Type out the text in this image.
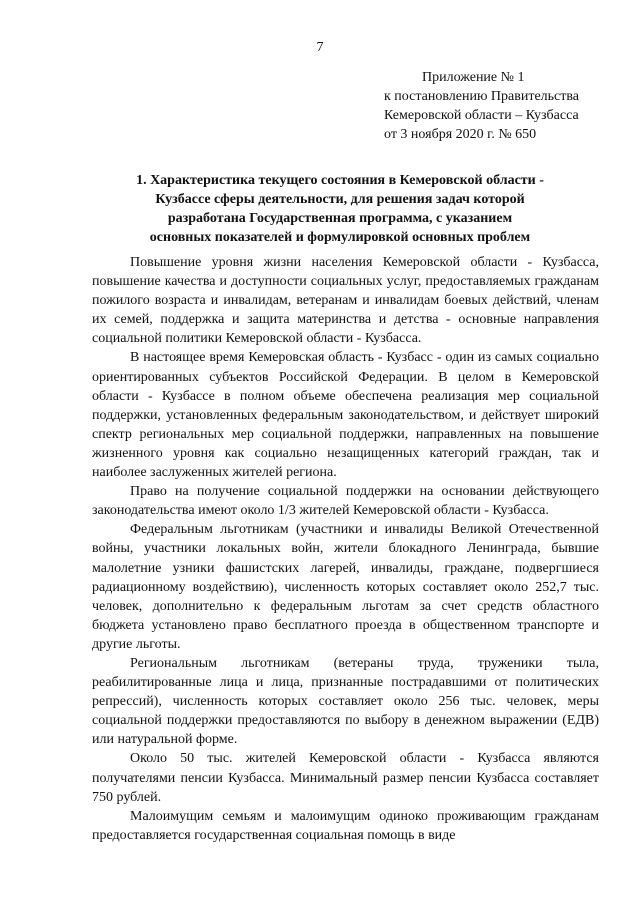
7
Приложение № 1
к постановлению Правительства
Кемеровской области – Кузбасса
от 3 ноября 2020 г. № 650
1. Характеристика текущего состояния в Кемеровской области -
Кузбассе сферы деятельности, для решения задач которой
разработана Государственная программа, с указанием
основных показателей и формулировкой основных проблем

Повышение уровня жизни населения Кемеровской области - Кузбасса, повышение качества и доступности социальных услуг, предоставляемых гражданам пожилого возраста и инвалидам, ветеранам и инвалидам боевых действий, членам их семей, поддержка и защита материнства и детства - основные направления социальной политики Кемеровской области - Кузбасса.

В настоящее время Кемеровская область - Кузбасс - один из самых социально ориентированных субъектов Российской Федерации. В целом в Кемеровской области - Кузбассе в полном объеме обеспечена реализация мер социальной поддержки, установленных федеральным законодательством, и действует широкий спектр региональных мер социальной поддержки, направленных на повышение жизненного уровня как социально незащищенных категорий граждан, так и наиболее заслуженных жителей региона.

Право на получение социальной поддержки на основании действующего законодательства имеют около 1/3 жителей Кемеровской области - Кузбасса.

Федеральным льготникам (участники и инвалиды Великой Отечественной войны, участники локальных войн, жители блокадного Ленинграда, бывшие малолетние узники фашистских лагерей, инвалиды, граждане, подвергшиеся радиационному воздействию), численность которых составляет около 252,7 тыс. человек, дополнительно к федеральным льготам за счет средств областного бюджета установлено право бесплатного проезда в общественном транспорте и другие льготы.

Региональным льготникам (ветераны труда, труженики тыла, реабилитированные лица и лица, признанные пострадавшими от политических репрессий), численность которых составляет около 256 тыс. человек, меры социальной поддержки предоставляются по выбору в денежном выражении (ЕДВ) или натуральной форме.

Около 50 тыс. жителей Кемеровской области - Кузбасса являются получателями пенсии Кузбасса. Минимальный размер пенсии Кузбасса составляет 750 рублей.

Малоимущим семьям и малоимущим одиноко проживающим гражданам предоставляется государственная социальная помощь в виде
